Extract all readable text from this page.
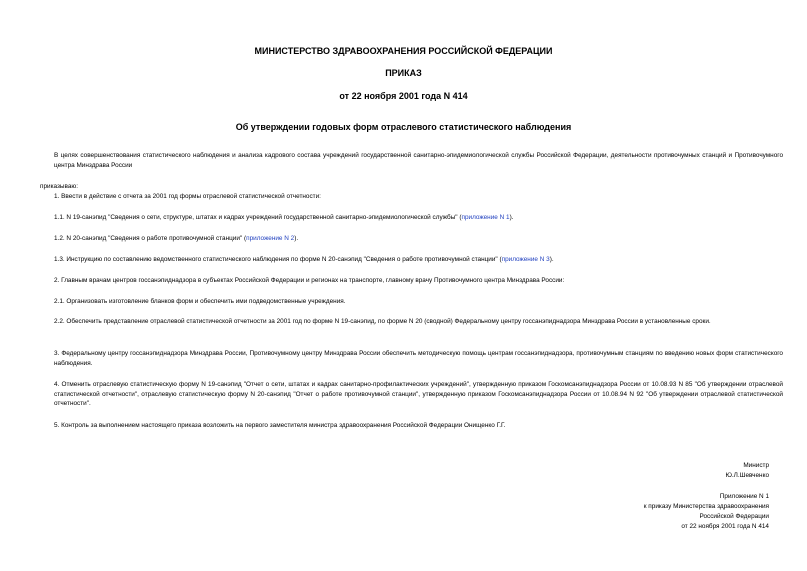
МИНИСТЕРСТВО ЗДРАВООХРАНЕНИЯ РОССИЙСКОЙ ФЕДЕРАЦИИ
ПРИКАЗ
от 22 ноября 2001 года N 414
Об утверждении годовых форм отраслевого статистического наблюдения
В целях совершенствования статистического наблюдения и анализа кадрового состава учреждений государственной санитарно-эпидемиологической службы Российской Федерации, деятельности противочумных станций и Противочумного центра Минздрава России
приказываю:
1. Ввести в действие с отчета за 2001 год формы отраслевой статистической отчетности:
1.1. N 19-санэпид "Сведения о сети, структуре, штатах и кадрах учреждений государственной санитарно-эпидемиологической службы" (приложение N 1).
1.2. N 20-санэпид "Сведения о работе противочумной станции" (приложение N 2).
1.3. Инструкцию по составлению ведомственного статистического наблюдения по форме N 20-санэпид "Сведения о работе противочумной станции" (приложение N 3).
2. Главным врачам центров госсанэпиднадзора в субъектах Российской Федерации и регионах на транспорте, главному врачу Противочумного центра Минздрава России:
2.1. Организовать изготовление бланков форм и обеспечить ими подведомственные учреждения.
2.2. Обеспечить представление отраслевой статистической отчетности за 2001 год по форме N 19-санэпид, по форме N 20 (сводной) Федеральному центру госсанэпиднадзора Минздрава России в установленные сроки.
3. Федеральному центру госсанэпиднадзора Минздрава России, Противочумному центру Минздрава России обеспечить методическую помощь центрам госсанэпиднадзора, противочумным станциям по введению новых форм статистического наблюдения.
4. Отменить отраслевую статистическую форму N 19-санэпид "Отчет о сети, штатах и кадрах санитарно-профилактических учреждений", утвержденную приказом Госкомсанэпиднадзора России от 10.08.93 N 85 "Об утверждении отраслевой статистической отчетности", отраслевую статистическую форму N 20-санэпид "Отчет о работе противочумной станции", утвержденную приказом Госкомсанэпиднадзора России от 10.08.94 N 92 "Об утверждении отраслевой статистической отчетности".
5. Контроль за выполнением настоящего приказа возложить на первого заместителя министра здравоохранения Российской Федерации Онищенко Г.Г.
Министр
Ю.Л.Шевченко
Приложение N 1
к приказу Министерства здравоохранения
Российской Федерации
от 22 ноября 2001 года N 414
